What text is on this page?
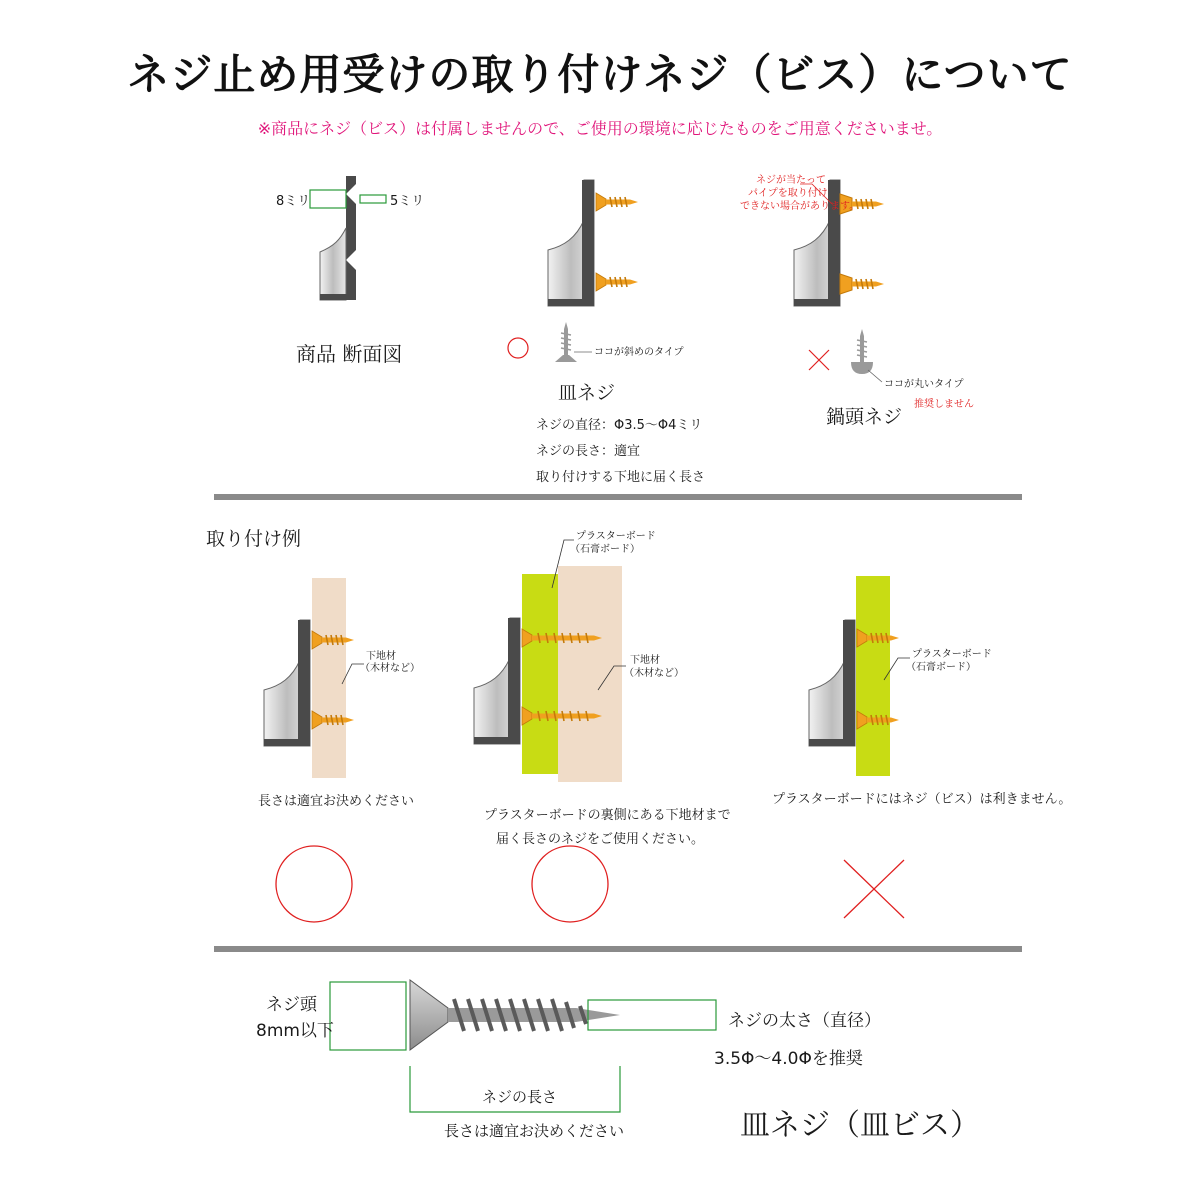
ネジ止め用受けの取り付けネジ（ビス）について

※商品にネジ（ビス）は付属しませんので、ご使用の環境に応じたものをご用意くださいませ。

8ミリ	5ミリ
商品 断面図	ココが斜めのタイプ
皿ネジ
ネジの直径：Φ3.5～Φ4ミリ
ネジの長さ：適宜
取り付けする下地に届く長さ
ネジが当たって
パイプを取り付け
できない場合があります。
ココが丸いタイプ
推奨しません
鍋頭ネジ
取り付け例
下地材
（木材など）
長さは適宜お決めください
プラスターボード
（石膏ボード）
下地材
（木材など）
プラスターボードの裏側にある下地材まで
届く長さのネジをご使用ください。
プラスターボード
（石膏ボード）
プラスターボードにはネジ（ビス）は利きません。
ネジ頭
8mm以下	ネジの太さ（直径）
3.5Φ～4.0Φを推奨
ネジの長さ
長さは適宜お決めください	皿ネジ（皿ビス）
